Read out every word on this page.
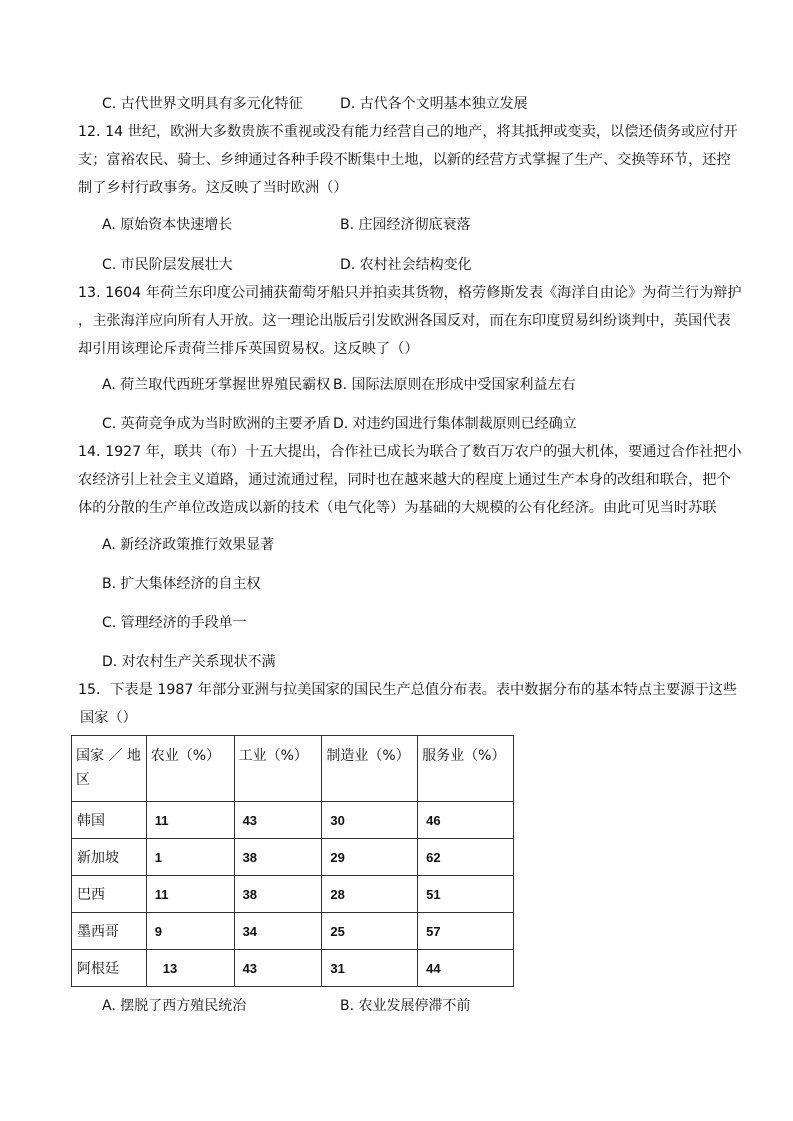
C. 古代世界文明具有多元化特征	D. 古代各个文明基本独立发展
12. 14 世纪，欧洲大多数贵族不重视或没有能力经营自己的地产，将其抵押或变卖，以偿还债务或应付开
支；富裕农民、骑士、乡绅通过各种手段不断集中土地，以新的经营方式掌握了生产、交换等环节，还控
制了乡村行政事务。这反映了当时欧洲（）
A. 原始资本快速增长	B. 庄园经济彻底衰落
C. 市民阶层发展壮大	D. 农村社会结构变化
13. 1604 年荷兰东印度公司捕获葡萄牙船只并拍卖其货物，格劳修斯发表《海洋自由论》为荷兰行为辩护
，主张海洋应向所有人开放。这一理论出版后引发欧洲各国反对，而在东印度贸易纠纷谈判中，英国代表
却引用该理论斥责荷兰排斥英国贸易权。这反映了（）
A. 荷兰取代西班牙掌握世界殖民霸权 B. 国际法原则在形成中受国家利益左右
C. 英荷竞争成为当时欧洲的主要矛盾 D. 对违约国进行集体制裁原则已经确立
14. 1927 年，联共（布）十五大提出，合作社已成长为联合了数百万农户的强大机体，要通过合作社把小
农经济引上社会主义道路，通过流通过程，同时也在越来越大的程度上通过生产本身的改组和联合，把个
体的分散的生产单位改造成以新的技术（电气化等）为基础的大规模的公有化经济。由此可见当时苏联
A. 新经济政策推行效果显著
B. 扩大集体经济的自主权
C. 管理经济的手段单一
D. 对农村生产关系现状不满
15．下表是 1987 年部分亚洲与拉美国家的国民生产总值分布表。表中数据分布的基本特点主要源于这些
国家（）
国家 ／ 地区	农业（%）	工业（%）	制造业（%）	服务业（%）
韩国	11	43	30	46
新加坡	1	38	29	62
巴西	11	38	28	51
墨西哥	9	34	25	57
阿根廷	13	43	31	44
A. 摆脱了西方殖民统治	B. 农业发展停滞不前
